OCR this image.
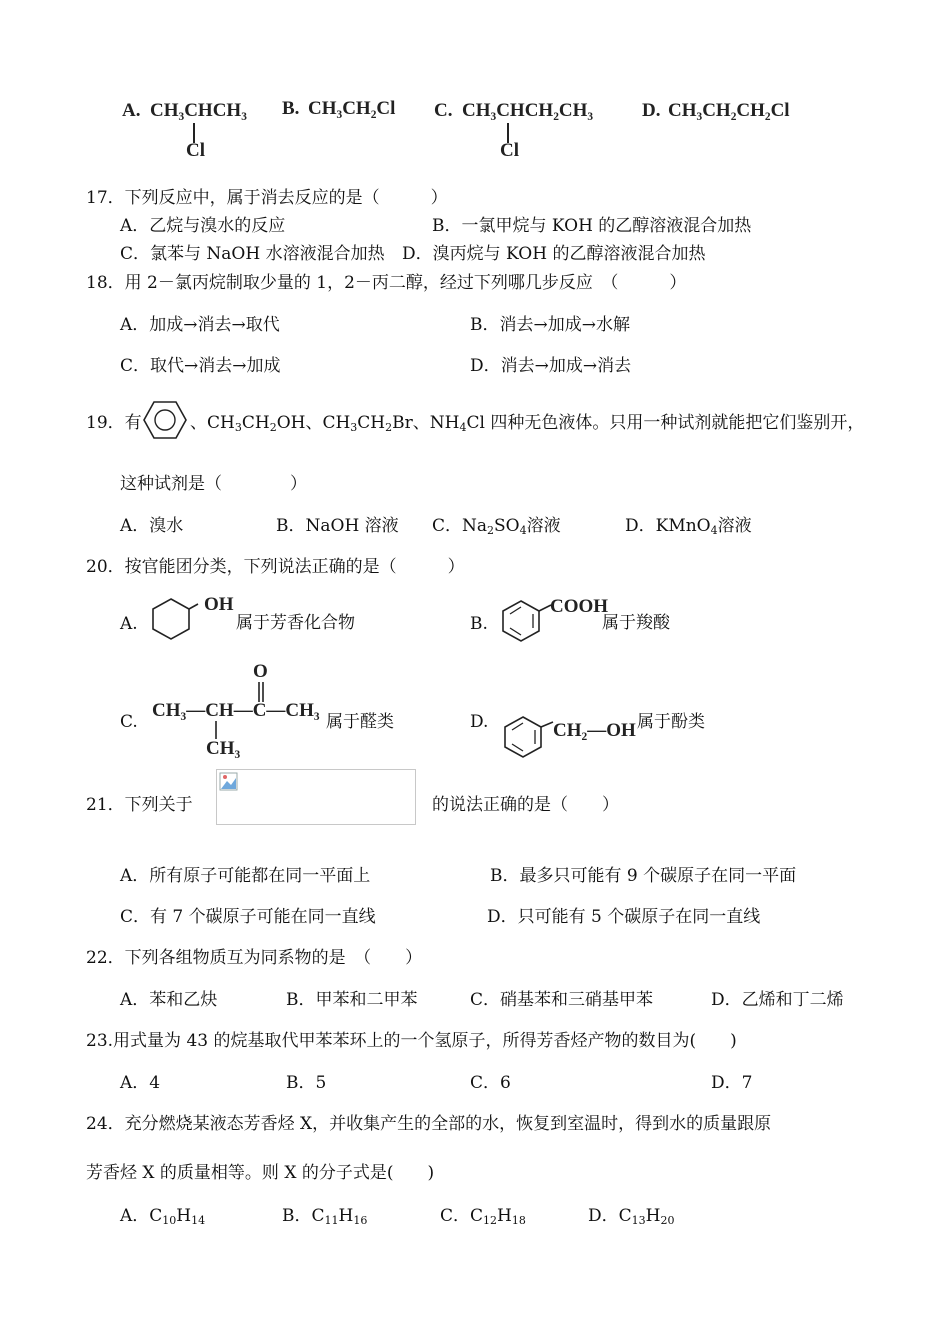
A. CH₃CHCH₃
Cl
B. CH₃CH₂Cl C. CH₃CHCH₂CH₃
Cl
D. CH₃CH₂CH₂Cl
17．下列反应中，属于消去反应的是（　　　）
A．乙烷与溴水的反应	B．一氯甲烷与 KOH 的乙醇溶液混合加热
C．氯苯与 NaOH 水溶液混合加热 D．溴丙烷与 KOH 的乙醇溶液混合加热
18．用 2－氯丙烷制取少量的 1，2－丙二醇，经过下列哪几步反应　（　　　）
A．加成→消去→取代	B．消去→加成→水解
C．取代→消去→加成	D．消去→加成→消去
19．有	、$CH_3CH_2OH$、$CH_3CH_2Br$、$NH_4Cl$ 四种无色液体。只用一种试剂就能把它们鉴别开，
这种试剂是（　　　　）
A．溴水	B．NaOH 溶液 C．$Na_2SO_4$溶液	D．KMnO$_4$溶液
20．按官能团分类，下列说法正确的是（　　　）
A.
OH
属于芳香化合物	B.
COOH
属于羧酸
C.
O
CH₃—CH—C—CH₃
CH₃
属于醛类	D.	CH₂—OH 属于酚类
21．下列关于	的说法正确的是（　　）
A．所有原子可能都在同一平面上	B．最多只可能有 9 个碳原子在同一平面
C．有 7 个碳原子可能在同一直线	D．只可能有 5 个碳原子在同一直线
22．下列各组物质互为同系物的是　（　　）
A．苯和乙炔	B．甲苯和二甲苯	C．硝基苯和三硝基甲苯	D．乙烯和丁二烯
23.用式量为 43 的烷基取代甲苯苯环上的一个氢原子，所得芳香烃产物的数目为(　　)
A．4	B．5	C．6	D．7
24．充分燃烧某液态芳香烃 X，并收集产生的全部的水，恢复到室温时，得到水的质量跟原
芳香烃 X 的质量相等。则 X 的分子式是(　　)
A．$C_{10}H_{14}$	B．$C_{11}H_{16}$	C．$C_{12}H_{18}$	D．$C_{13}H_{20}$
